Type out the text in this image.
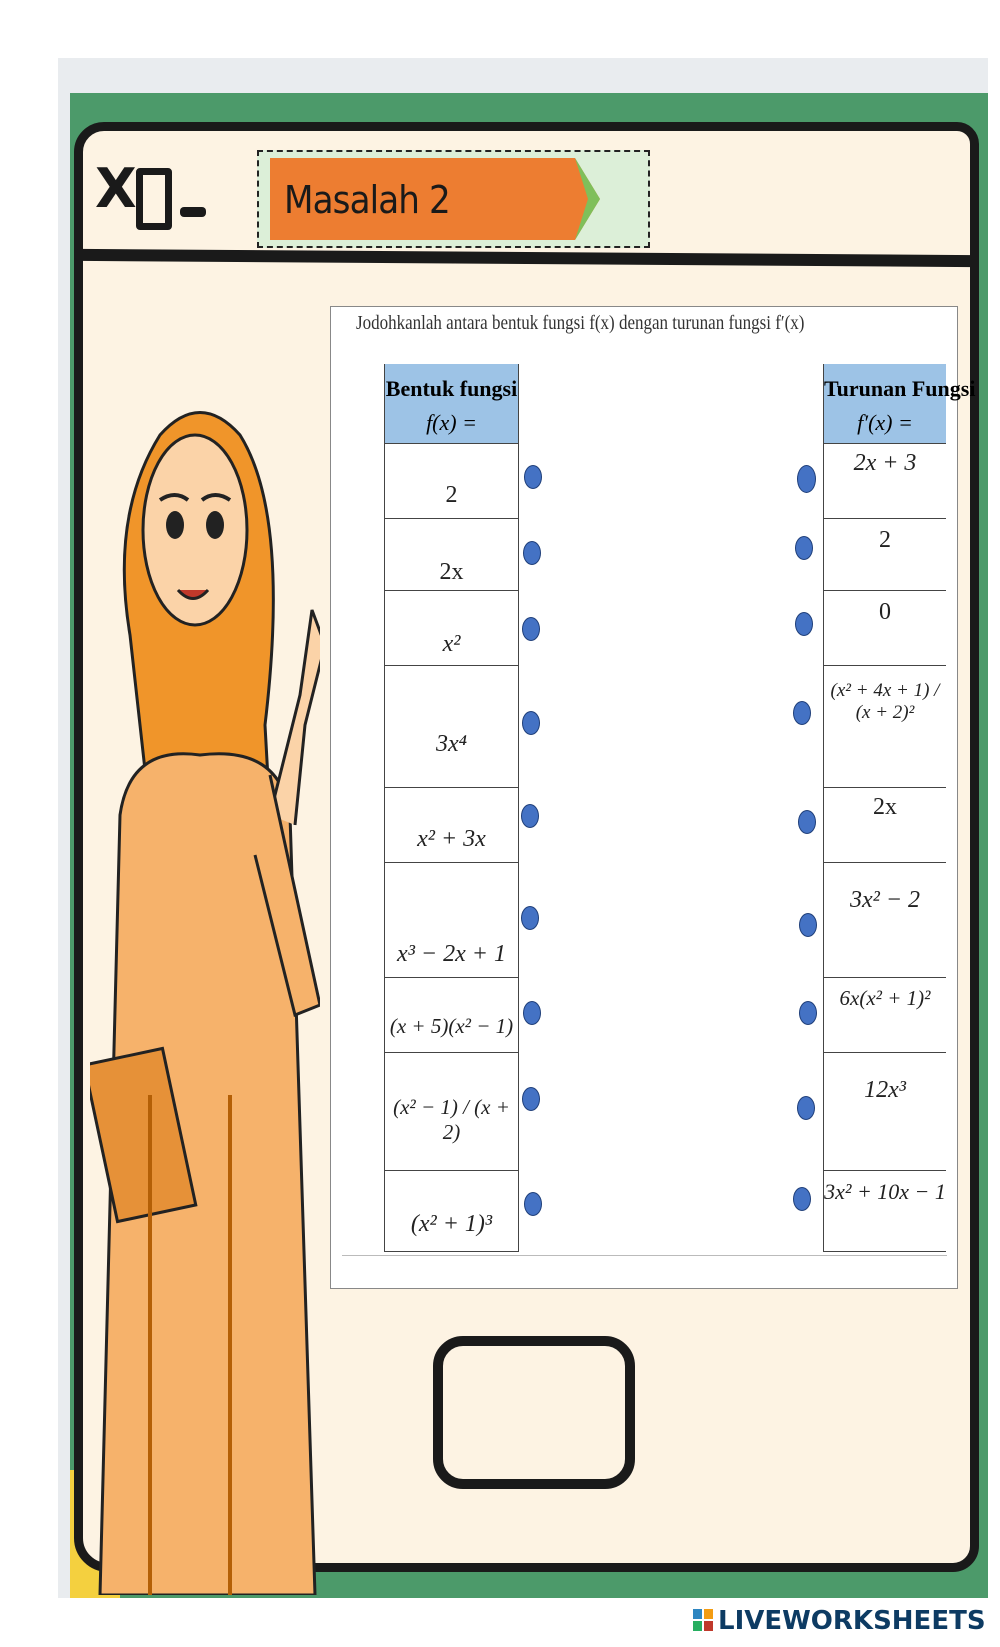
X	Masalah 2
Jodohkanlah antara bentuk fungsi f(x) dengan turunan fungsi f′(x)
Bentuk fungsi
f(x) =
2
2x
x²
3x⁴
x² + 3x
x³ − 2x + 1
(x + 5)(x² − 1)
(x² − 1) / (x + 2)
(x² + 1)³
Turunan Fungsi
f′(x) =
2x + 3
2
0
(x² + 4x + 1) / (x + 2)²
2x
3x² − 2
6x(x² + 1)²
12x³
3x² + 10x − 1
LIVEWORKSHEETS
